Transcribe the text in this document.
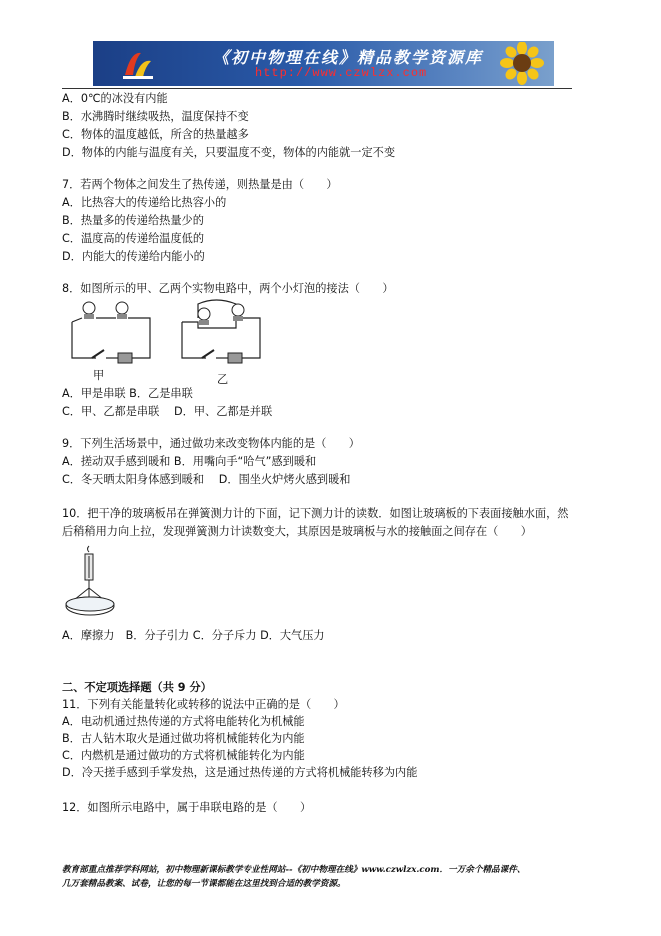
《初中物理在线》精品教学资源库
http://www.czwlzx.com
A．0℃的冰没有内能
B．水沸腾时继续吸热，温度保持不变
C．物体的温度越低，所含的热量越多
D．物体的内能与温度有关，只要温度不变，物体的内能就一定不变
7．若两个物体之间发生了热传递，则热量是由（　　）
A．比热容大的传递给比热容小的
B．热量多的传递给热量少的
C．温度高的传递给温度低的
D．内能大的传递给内能小的
8．如图所示的甲、乙两个实物电路中，两个小灯泡的接法（　　）
甲	乙
A．甲是串联 B．乙是串联
C．甲、乙都是串联　 D．甲、乙都是并联
9．下列生活场景中，通过做功来改变物体内能的是（　　）
A．搓动双手感到暖和 B．用嘴向手“哈气”感到暖和
C．冬天晒太阳身体感到暖和　 D．围坐火炉烤火感到暖和
10．把干净的玻璃板吊在弹簧测力计的下面，记下测力计的读数．如图让玻璃板的下表面接触水面，然
后稍稍用力向上拉，发现弹簧测力计读数变大，其原因是玻璃板与水的接触面之间存在（　　）
A．摩擦力　B．分子引力 C．分子斥力 D．大气压力
二、不定项选择题（共 9 分）
11．下列有关能量转化或转移的说法中正确的是（　　）
A．电动机通过热传递的方式将电能转化为机械能
B．古人钻木取火是通过做功将机械能转化为内能
C．内燃机是通过做功的方式将机械能转化为内能
D．冷天搓手感到手掌发热，这是通过热传递的方式将机械能转移为内能
12．如图所示电路中，属于串联电路的是（　　）
教育部重点推荐学科网站，初中物理新课标教学专业性网站--《初中物理在线》www.czwlzx.com．一万余个精品课件、
几万套精品教案、试卷，让您的每一节课都能在这里找到合适的教学资源。
